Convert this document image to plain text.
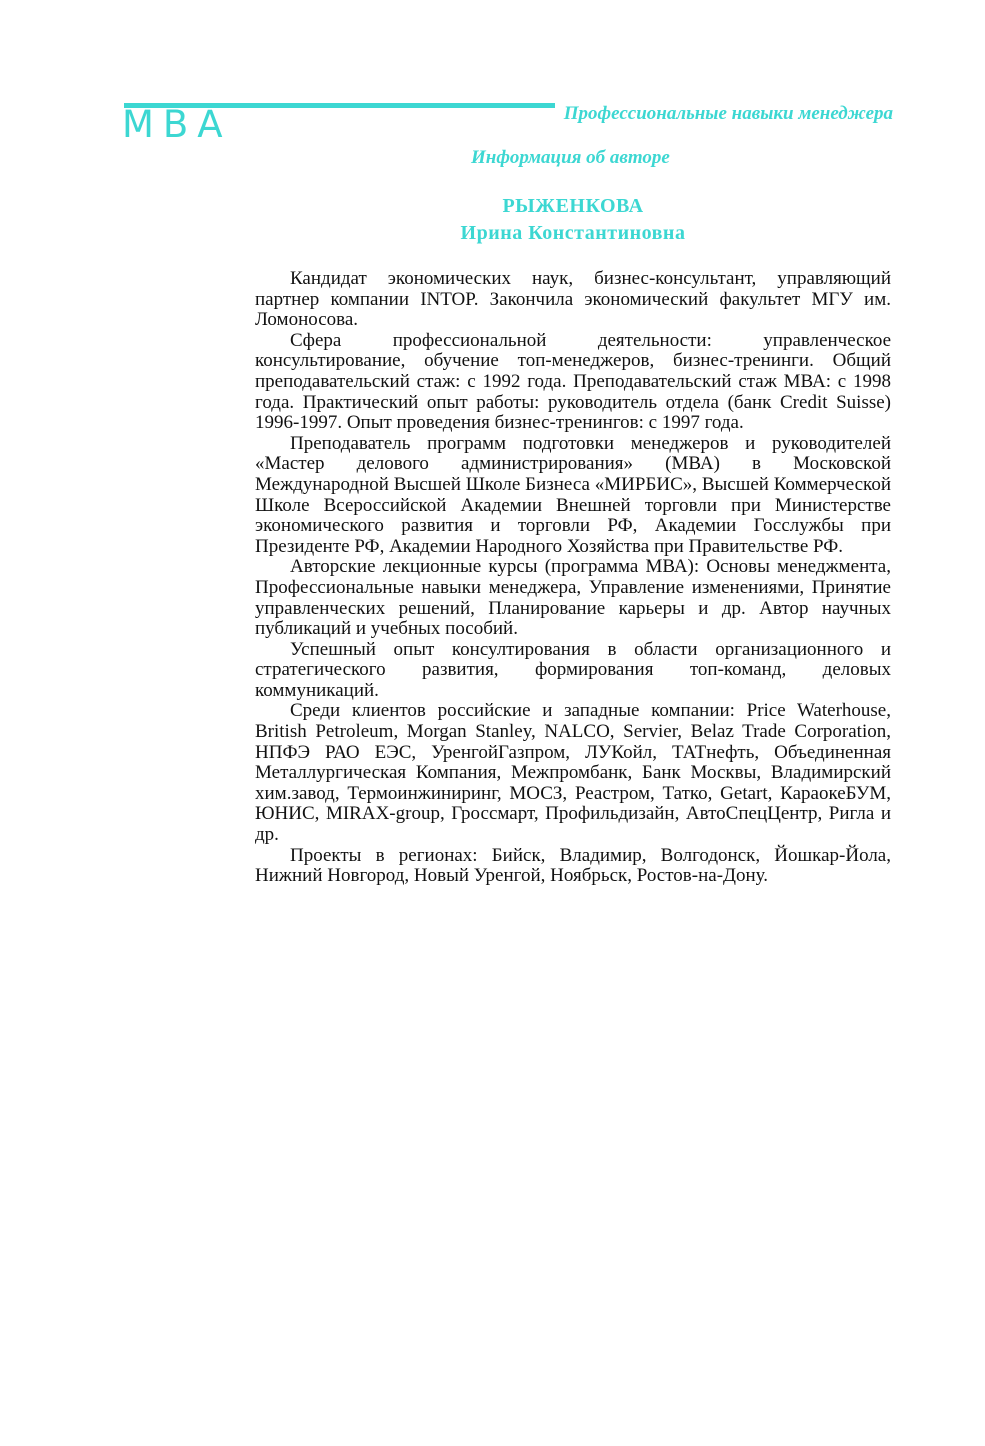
MBA	Профессиональные навыки менеджера
Информация об авторе
РЫЖЕНКОВА
Ирина Константиновна

Кандидат экономических наук, бизнес-консультант, управляющий партнер компании INTOP. Закончила экономический факультет МГУ им. Ломоносова.

Сфера профессиональной деятельности: управленческое консультирование, обучение топ-менеджеров, бизнес-тренинги. Общий преподавательский стаж: с 1992 года. Преподавательский стаж МВА: с 1998 года. Практический опыт работы: руководитель отдела (банк Credit Suisse) 1996-1997. Опыт проведения бизнес-тренингов: с 1997 года.

Преподаватель программ подготовки менеджеров и руководителей «Мастер делового администрирования» (МВА) в Московской Международной Высшей Школе Бизнеса «МИРБИС», Высшей Коммерческой Школе Всероссийской Академии Внешней торговли при Министерстве экономического развития и торговли РФ, Академии Госслужбы при Президенте РФ, Академии Народного Хозяйства при Правительстве РФ.

Авторские лекционные курсы (программа МВА): Основы менеджмента, Профессиональные навыки менеджера, Управление изменениями, Принятие управленческих решений, Планирование карьеры и др. Автор научных публикаций и учебных пособий.

Успешный опыт консултирования в области организационного и стратегического развития, формирования топ-команд, деловых коммуникаций.

Среди клиентов российские и западные компании: Price Waterhouse, British Petroleum, Morgan Stanley, NALCO, Servier, Belaz Trade Corporation, НПФЭ РАО ЕЭС, УренгойГазпром, ЛУКойл, ТАТнефть, Объединенная Металлургическая Компания, Межпромбанк, Банк Москвы, Владимирский хим.завод, Термоинжиниринг, МОСЗ, Реастром, Татко, Getart, КараокеБУМ, ЮНИС, MIRAX-group, Гроссмарт, Профильдизайн, АвтоСпецЦентр, Ригла и др.

Проекты в регионах: Бийск, Владимир, Волгодонск, Йошкар-Йола, Нижний Новгород, Новый Уренгой, Ноябрьск, Ростов-на-Дону.
